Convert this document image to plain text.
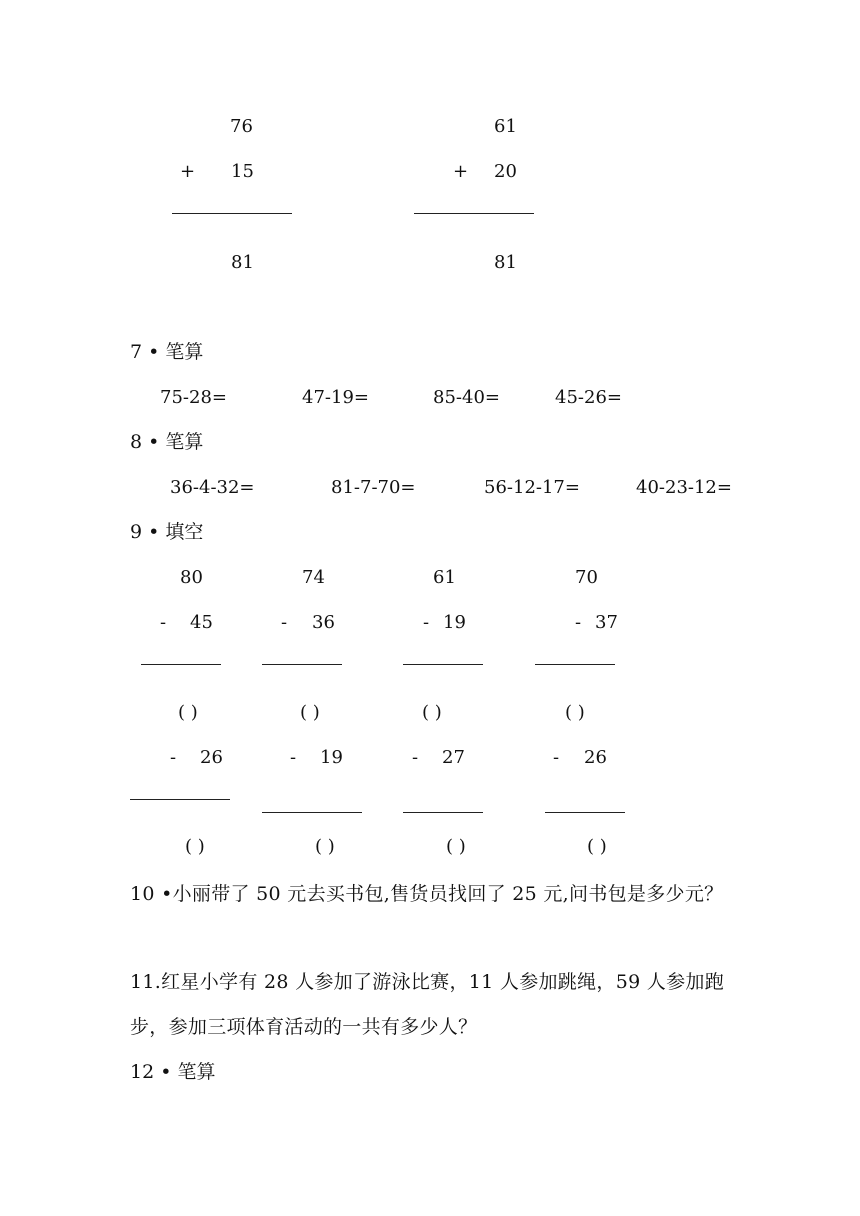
76
+ 15
81
61
+ 20
81
7 • 笔算
75-28=	47-19=	85-40=	45-26=
8 • 笔算
36-4-32=	81-7-70=	56-12-17=	40-23-12=
9 • 填空
80
- 45
( )
- 26
( )
74
- 36
( )
- 19
( )
61
- 19
( )
- 27
( )
70
- 37
( )
- 26
( )
10 •小丽带了 50 元去买书包,售货员找回了 25 元,问书包是多少元？
11.红星小学有 28 人参加了游泳比赛，11 人参加跳绳，59 人参加跑
步，参加三项体育活动的一共有多少人？
12 • 笔算
